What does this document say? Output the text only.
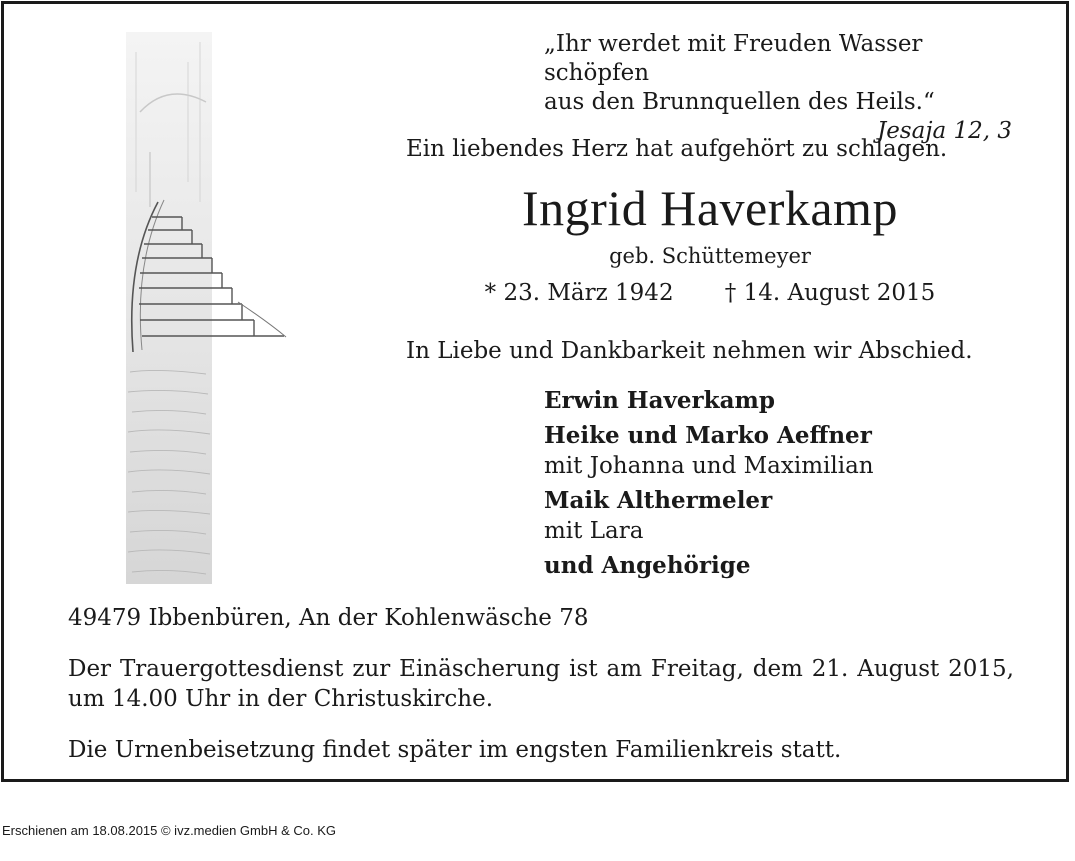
„Ihr werdet mit Freuden Wasser schöpfen
aus den Brunnquellen des Heils.“
Jesaja 12, 3
Ein liebendes Herz hat aufgehört zu schlagen.
Ingrid Haverkamp
geb. Schüttemeyer
* 23. März 1942 † 14. August 2015
In Liebe und Dankbarkeit nehmen wir Abschied.
Erwin Haverkamp
Heike und Marko Aeffner
mit Johanna und Maximilian
Maik Althermeler
mit Lara
und Angehörige
49479 Ibbenbüren, An der Kohlenwäsche 78
Der Trauergottesdienst zur Einäscherung ist am Freitag, dem 21. August 2015, um 14.00 Uhr in der Christuskirche.
Die Urnenbeisetzung findet später im engsten Familienkreis statt.
Erschienen am 18.08.2015 © ivz.medien GmbH & Co. KG
